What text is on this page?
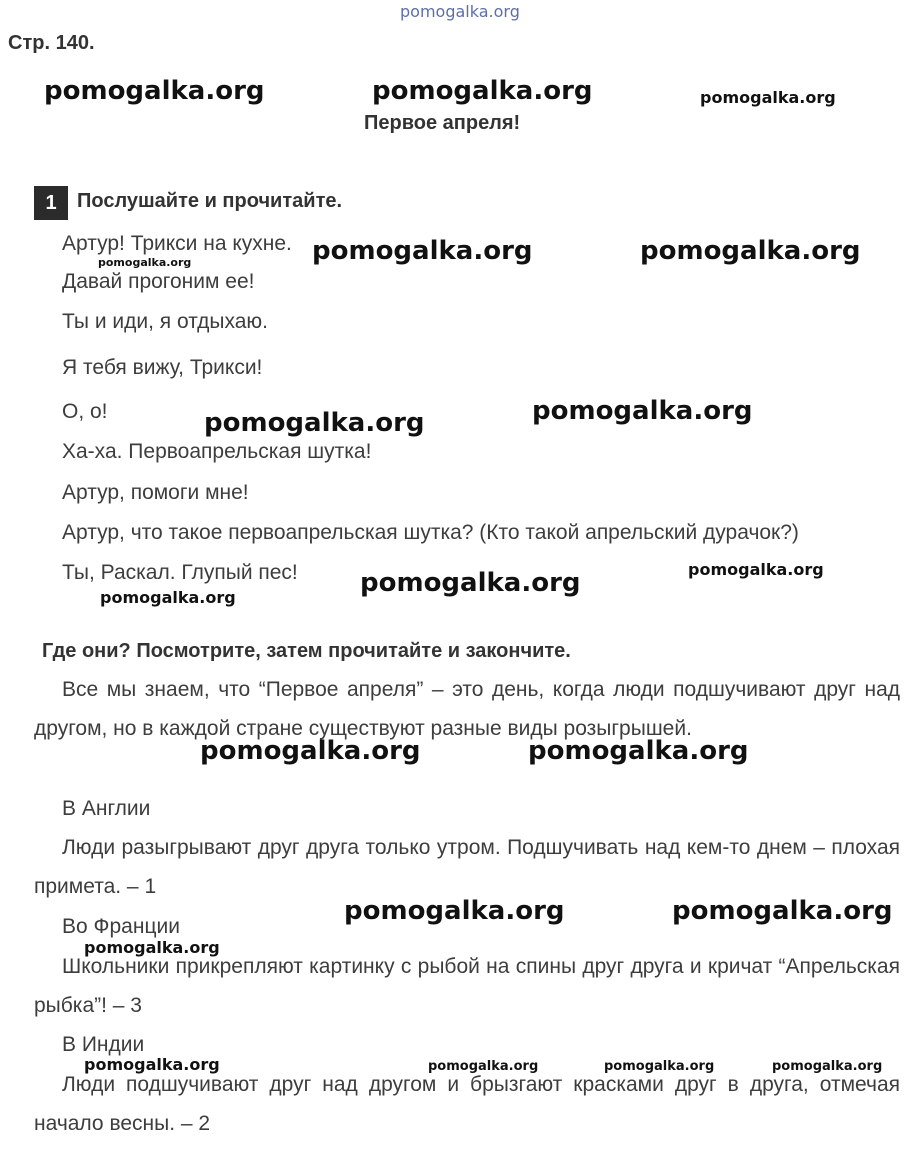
pomogalka.org
Стр. 140.
pomogalka.org	pomogalka.org	pomogalka.org
Первое апреля!
1	Послушайте и прочитайте.
Артур! Трикси на кухне.
Давай прогоним ее!
Ты и иди, я отдыхаю.
Я тебя вижу, Трикси!
О, о!
Ха-ха. Первоапрельская шутка!
Артур, помоги мне!
Артур, что такое первоапрельская шутка? (Кто такой апрельский дурачок?)
Ты, Раскал. Глупый пес!
pomogalka.org	pomogalka.org	pomogalka.org
pomogalka.org	pomogalka.org
pomogalka.org	pomogalka.org
pomogalka.org
Где они? Посмотрите, затем прочитайте и закончите.
Все мы знаем, что “Первое апреля” – это день, когда люди подшучивают друг над другом, но в каждой стране существуют разные виды розыгрышей.
pomogalka.org	pomogalka.org
В Англии
Люди разыгрывают друг друга только утром. Подшучивать над кем-то днем – плохая примета. – 1
pomogalka.org	pomogalka.org
Во Франции
pomogalka.org
Школьники прикрепляют картинку с рыбой на спины друг друга и кричат “Апрельская рыбка”! – 3
В Индии
pomogalka.org	pomogalka.org	pomogalka.org	pomogalka.org
Люди подшучивают друг над другом и брызгают красками друг в друга, отмечая начало весны. – 2
